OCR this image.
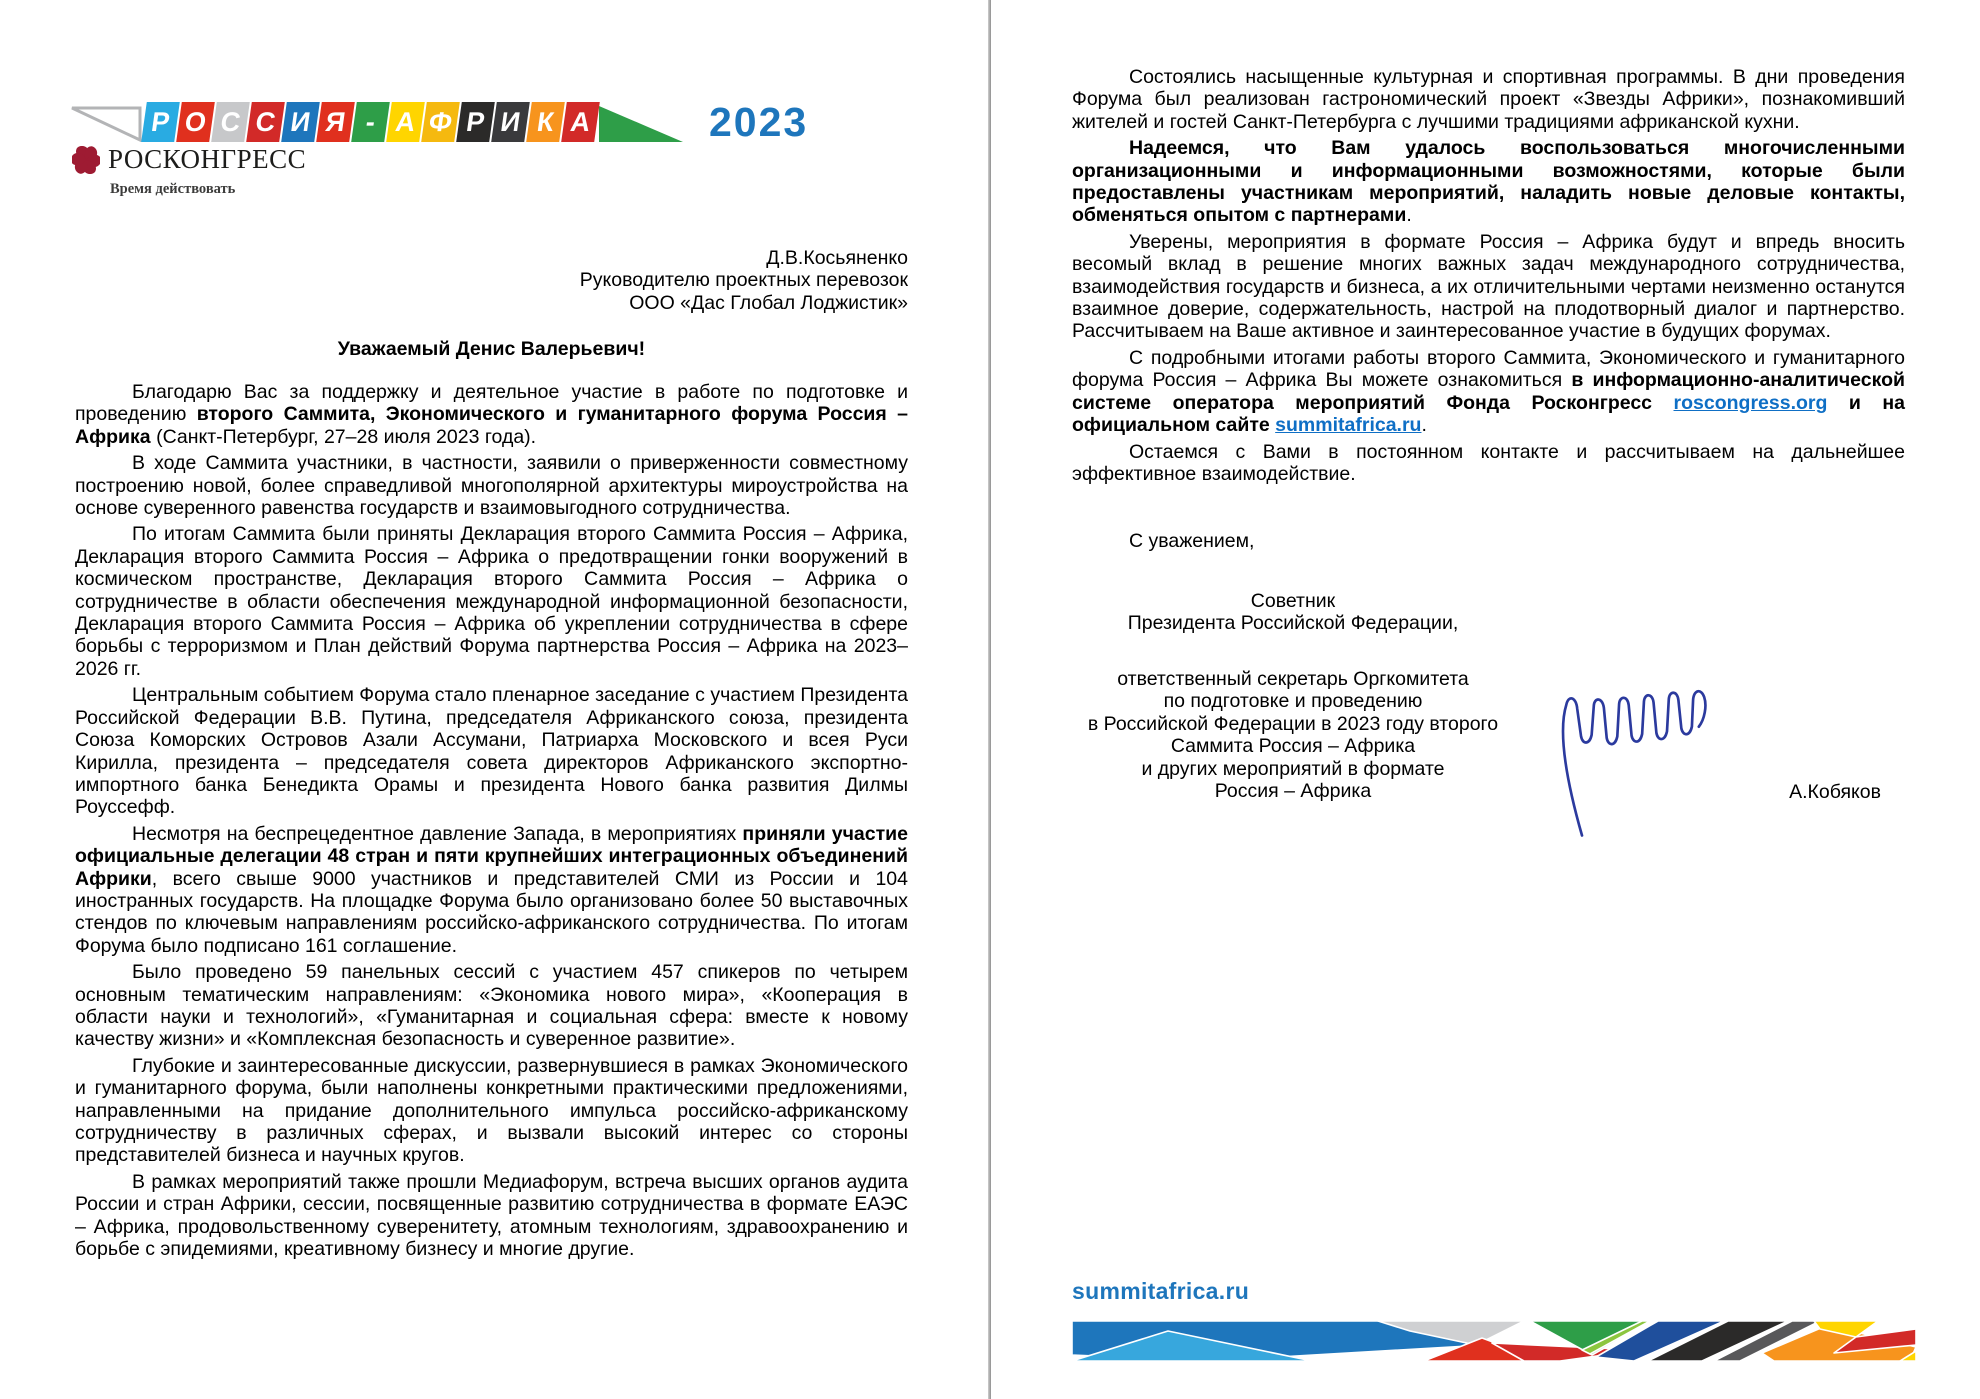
Р О С С И Я - А Ф Р И К А	2023
РОСКОНГРЕСС
Время действовать
Д.В.Косьяненко
Руководителю проектных перевозок
ООО «Дас Глобал Лоджистик»
Уважаемый Денис Валерьевич!

Благодарю Вас за поддержку и деятельное участие в работе по подготовке и проведению второго Саммита, Экономического и гуманитарного форума Россия – Африка (Санкт-Петербург, 27–28 июля 2023 года).

В ходе Саммита участники, в частности, заявили о приверженности совместному построению новой, более справедливой многополярной архитектуры мироустройства на основе суверенного равенства государств и взаимовыгодного сотрудничества.

По итогам Саммита были приняты Декларация второго Саммита Россия – Африка, Декларация второго Саммита Россия – Африка о предотвращении гонки вооружений в космическом пространстве, Декларация второго Саммита Россия – Африка о сотрудничестве в области обеспечения международной информационной безопасности, Декларация второго Саммита Россия – Африка об укреплении сотрудничества в сфере борьбы с терроризмом и План действий Форума партнерства Россия – Африка на 2023–2026 гг.

Центральным событием Форума стало пленарное заседание с участием Президента Российской Федерации В.В. Путина, председателя Африканского союза, президента Союза Коморских Островов Азали Ассумани, Патриарха Московского и всея Руси Кирилла, президента – председателя совета директоров Африканского экспортно-импортного банка Бенедикта Орамы и президента Нового банка развития Дилмы Роуссефф.

Несмотря на беспрецедентное давление Запада, в мероприятиях приняли участие официальные делегации 48 стран и пяти крупнейших интеграционных объединений Африки, всего свыше 9000 участников и представителей СМИ из России и 104 иностранных государств. На площадке Форума было организовано более 50 выставочных стендов по ключевым направлениям российско-африканского сотрудничества. По итогам Форума было подписано 161 соглашение.

Было проведено 59 панельных сессий с участием 457 спикеров по четырем основным тематическим направлениям: «Экономика нового мира», «Кооперация в области науки и технологий», «Гуманитарная и социальная сфера: вместе к новому качеству жизни» и «Комплексная безопасность и суверенное развитие».

Глубокие и заинтересованные дискуссии, развернувшиеся в рамках Экономического и гуманитарного форума, были наполнены конкретными практическими предложениями, направленными на придание дополнительного импульса российско-африканскому сотрудничеству в различных сферах, и вызвали высокий интерес со стороны представителей бизнеса и научных кругов.

В рамках мероприятий также прошли Медиафорум, встреча высших органов аудита России и стран Африки, сессии, посвященные развитию сотрудничества в формате ЕАЭС – Африка, продовольственному суверенитету, атомным технологиям, здравоохранению и борьбе с эпидемиями, креативному бизнесу и многие другие.

Состоялись насыщенные культурная и спортивная программы. В дни проведения Форума был реализован гастрономический проект «Звезды Африки», познакомивший жителей и гостей Санкт-Петербурга с лучшими традициями африканской кухни.

Надеемся, что Вам удалось воспользоваться многочисленными организационными и информационными возможностями, которые были предоставлены участникам мероприятий, наладить новые деловые контакты, обменяться опытом с партнерами.

Уверены, мероприятия в формате Россия – Африка будут и впредь вносить весомый вклад в решение многих важных задач международного сотрудничества, взаимодействия государств и бизнеса, а их отличительными чертами неизменно останутся взаимное доверие, содержательность, настрой на плодотворный диалог и партнерство. Рассчитываем на Ваше активное и заинтересованное участие в будущих форумах.

С подробными итогами работы второго Саммита, Экономического и гуманитарного форума Россия – Африка Вы можете ознакомиться в информационно-аналитической системе оператора мероприятий Фонда Росконгресс roscongress.org и на официальном сайте summitafrica.ru.

Остаемся с Вами в постоянном контакте и рассчитываем на дальнейшее эффективное взаимодействие.

С уважением,
Советник
Президента Российской Федерации,
ответственный секретарь Оргкомитета
по подготовке и проведению
в Российской Федерации в 2023 году второго
Саммита Россия – Африка
и других мероприятий в формате
Россия – Африка	А.Кобяков
summitafrica.ru
